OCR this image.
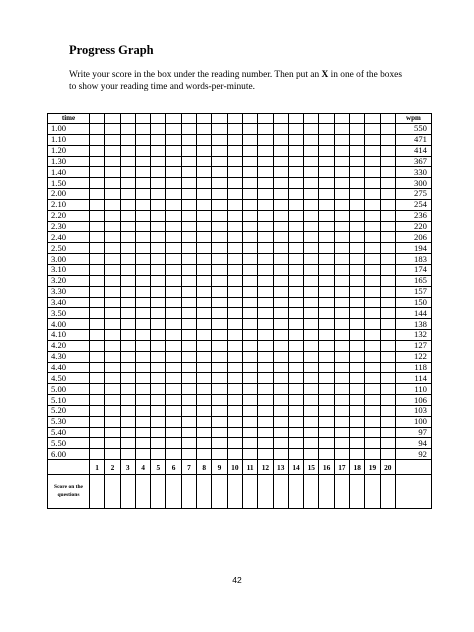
Progress Graph
Write your score in the box under the reading number. Then put an X in one of the boxes to show your reading time and words-per-minute.
time																					wpm
1.00																					550
1.10																					471
1.20																					414
1.30																					367
1.40																					330
1.50																					300
2.00																					275
2.10																					254
2.20																					236
2.30																					220
2.40																					206
2.50																					194
3.00																					183
3.10																					174
3.20																					165
3.30																					157
3.40																					150
3.50																					144
4.00																					138
4.10																					132
4.20																					127
4.30																					122
4.40																					118
4.50																					114
5.00																					110
5.10																					106
5.20																					103
5.30																					100
5.40																					97
5.50																					94
6.00																					92
	1	2	3	4	5	6	7	8	9	10	11	12	13	14	15	16	17	18	19	20	
Score on the questions																					
42
